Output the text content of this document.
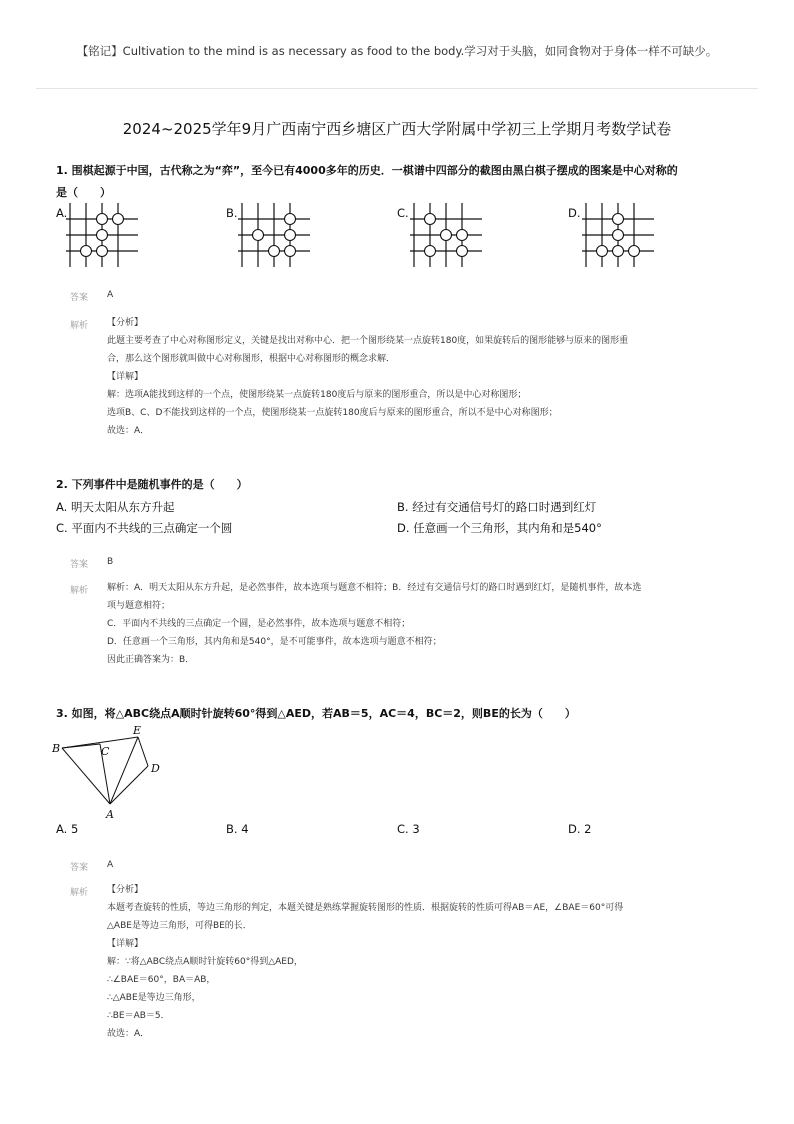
【铭记】Cultivation to the mind is as necessary as food to the body.学习对于头脑，如同食物对于身体一样不可缺少。
2024~2025学年9月广西南宁西乡塘区广西大学附属中学初三上学期月考数学试卷

1. 围棋起源于中国，古代称之为“弈”，至今已有4000多年的历史．一棋谱中四部分的截图由黑白棋子摆成的图案是中心对称的

是（　　）

A.	B.	C.	D.
答案 A
解析 【分析】

此题主要考查了中心对称图形定义，关键是找出对称中心．把一个图形绕某一点旋转180度，如果旋转后的图形能够与原来的图形重

合，那么这个图形就叫做中心对称图形，根据中心对称图形的概念求解．

【详解】

解：选项A能找到这样的一个点，使图形绕某一点旋转180度后与原来的图形重合，所以是中心对称图形；

选项B、C、D不能找到这样的一个点，使图形绕某一点旋转180度后与原来的图形重合，所以不是中心对称图形；

故选：A．

2. 下列事件中是随机事件的是（　　）
A. 明天太阳从东方升起	B. 经过有交通信号灯的路口时遇到红灯
C. 平面内不共线的三点确定一个圆	D. 任意画一个三角形，其内角和是540°
答案 B
解析 解析：A．明天太阳从东方升起，是必然事件，故本选项与题意不相符；B．经过有交通信号灯的路口时遇到红灯，是随机事件，故本选

项与题意相符；

C．平面内不共线的三点确定一个圆，是必然事件，故本选项与题意不相符；

D．任意画一个三角形，其内角和是540°，是不可能事件，故本选项与题意不相符；

因此正确答案为：B．

3. 如图，将△ABC绕点A顺时针旋转60°得到△AED，若AB＝5，AC＝4，BC＝2，则BE的长为（　　）
B	C
E
D
A
A. 5	B. 4	C. 3	D. 2
答案 A
解析 【分析】

本题考查旋转的性质，等边三角形的判定，本题关键是熟练掌握旋转图形的性质．根据旋转的性质可得AB＝AE，∠BAE＝60°可得

△ABE是等边三角形，可得BE的长．

【详解】

解：∵将△ABC绕点A顺时针旋转60°得到△AED，

∴∠BAE＝60°，BA＝AB，

∴△ABE是等边三角形，

∴BE＝AB＝5．

故选：A．
